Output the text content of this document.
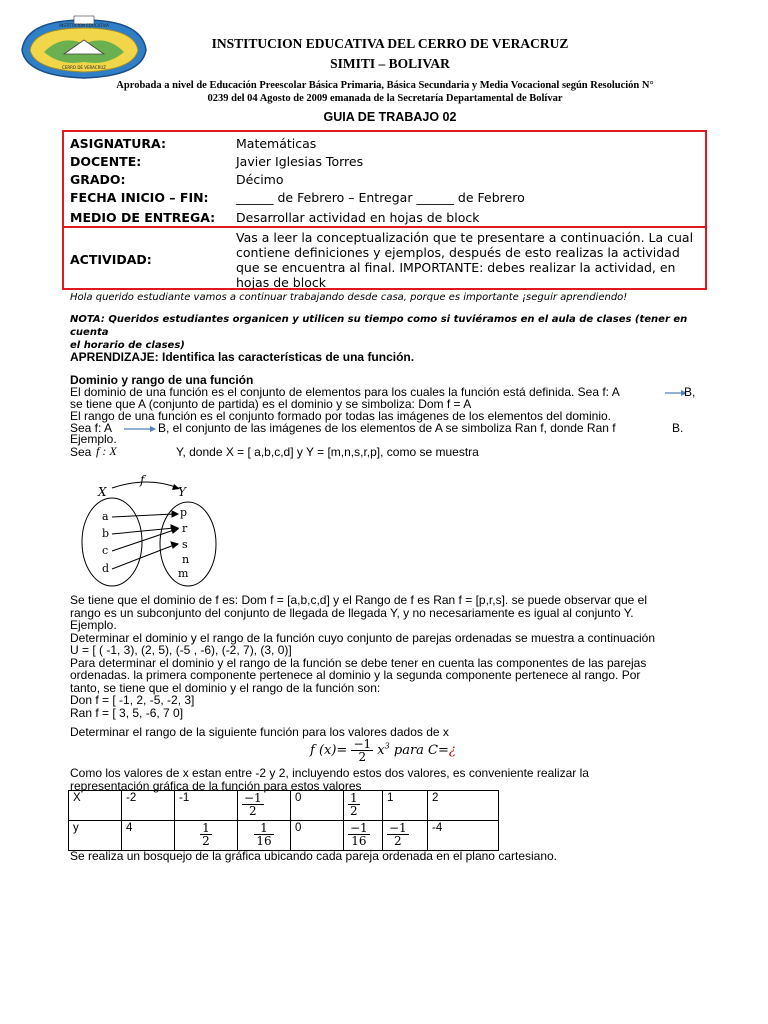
INSTITUCION EDUCATIVA
CERRO DE VERACRUZ
INSTITUCION EDUCATIVA DEL CERRO DE VERACRUZ
SIMITI – BOLIVAR
Aprobada a nivel de Educación Preescolar Básica Primaria, Básica Secundaria y Media Vocacional según Resolución N°
0239 del 04 Agosto de 2009 emanada de la Secretaría Departamental de Bolívar
GUIA DE TRABAJO 02
ASIGNATURA:	Matemáticas
DOCENTE:	Javier Iglesias Torres
GRADO:	Décimo
FECHA INICIO – FIN: ______ de Febrero – Entregar ______ de Febrero
MEDIO DE ENTREGA: Desarrollar actividad en hojas de block
ACTIVIDAD:
Vas a leer la conceptualización que te presentare a continuación. La cual
contiene definiciones y ejemplos, después de esto realizas la actividad
que se encuentra al final. IMPORTANTE: debes realizar la actividad, en
hojas de block
Hola querido estudiante vamos a continuar trabajando desde casa, porque es importante ¡seguir aprendiendo!
NOTA: Queridos estudiantes organicen y utilicen su tiempo como si tuviéramos en el aula de clases (tener en cuenta
el horario de clases)
APRENDIZAJE: Identifica las características de una función.
Dominio y rango de una función
El dominio de una función es el conjunto de elementos para los cuales la función está definida. Sea f: A	B,
se tiene que A (conjunto de partida) es el dominio y se simboliza: Dom f = A
El rango de una función es el conjunto formado por todas las imágenes de los elementos del dominio.
Sea f: A	B, el conjunto de las imágenes de los elementos de A se simboliza Ran f, donde Ran f	B.
Ejemplo.
Sea f : X	Y, donde X = [ a,b,c,d] y Y = [m,n,s,r,p], como se muestra
f
X	Y
a
b
c
d
p
r
s
n
m
Se tiene que el dominio de f es: Dom f = [a,b,c,d] y el Rango de f es Ran f = [p,r,s]. se puede observar que el
rango es un subconjunto del conjunto de llegada de llegada Y, y no necesariamente es igual al conjunto Y.
Ejemplo.
Determinar el dominio y el rango de la función cuyo conjunto de parejas ordenadas se muestra a continuación
U = [ ( -1, 3), (2, 5), (-5 , -6), (-2, 7), (3, 0)]
Para determinar el dominio y el rango de la función se debe tener en cuenta las componentes de las parejas
ordenadas. la primera componente pertenece al dominio y la segunda componente pertenece al rango. Por
tanto, se tiene que el dominio y el rango de la función son:
Don f = [ -1, 2, -5, -2, 3]
Ran f = [ 3, 5, -6, 7 0]
Determinar el rango de la siguiente función para los valores dados de x
f $(x)= \frac{-1}{2} x^3$ para C=¿
Como los valores de x estan entre -2 y 2, incluyendo estos dos valores, es conveniente realizar la
representación gráfica de la función para estos valores
X	-2	-1	$\frac{-1}{2}$	0	$\frac{1}{2}$	1	2
y	4	$\frac{1}{2}$	$\frac{1}{16}$	0	$\frac{-1}{16}$	$\frac{-1}{2}$	-4
Se realiza un bosquejo de la gráfica ubicando cada pareja ordenada en el plano cartesiano.
